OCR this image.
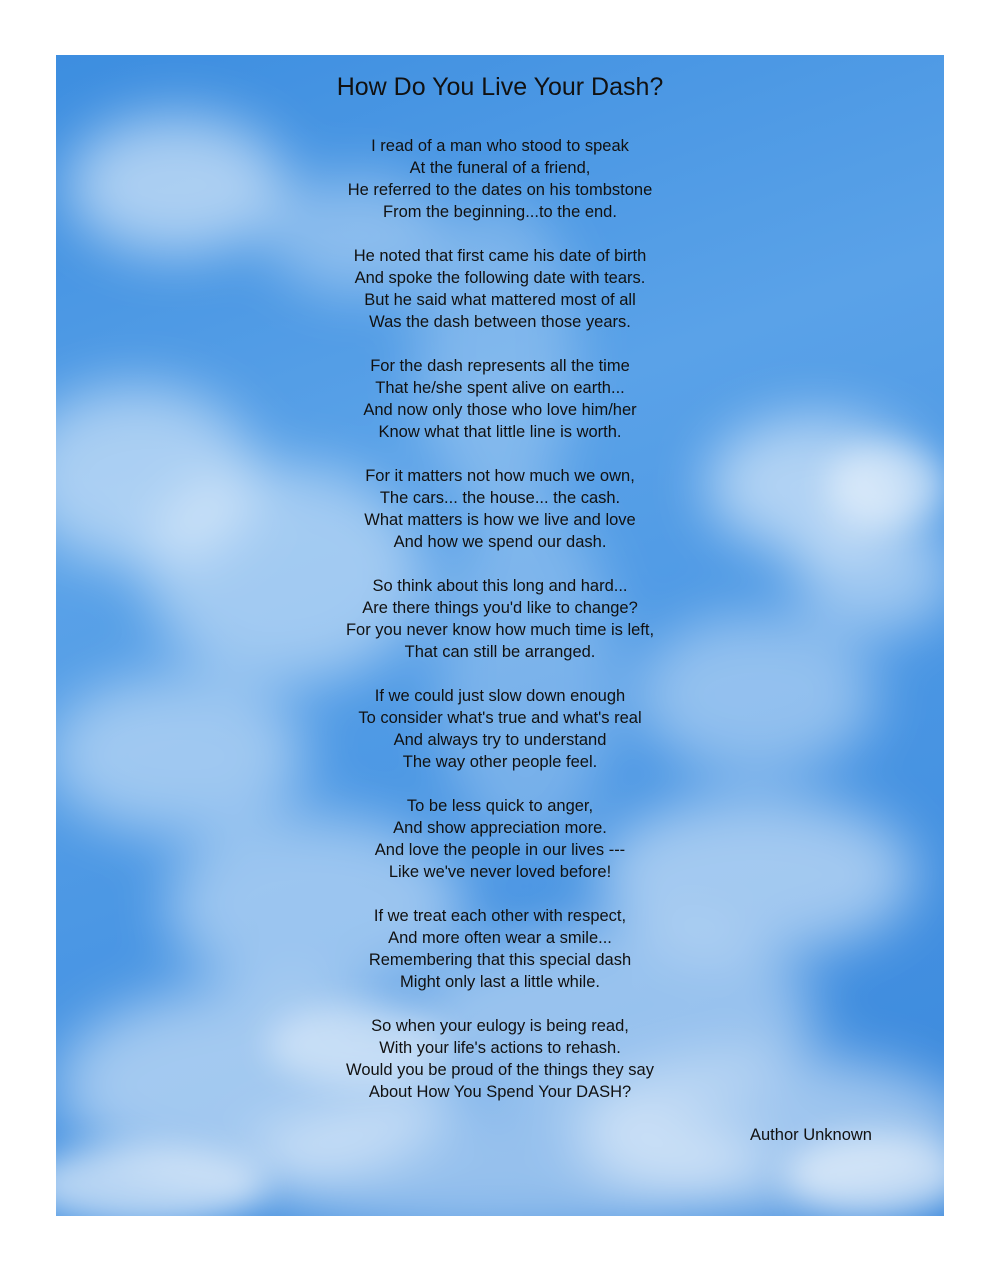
How Do You Live Your Dash?
I read of a man who stood to speak
At the funeral of a friend,
He referred to the dates on his tombstone
From the beginning...to the end.
He noted that first came his date of birth
And spoke the following date with tears.
But he said what mattered most of all
Was the dash between those years.
For the dash represents all the time
That he/she spent alive on earth...
And now only those who love him/her
Know what that little line is worth.
For it matters not how much we own,
The cars... the house... the cash.
What matters is how we live and love
And how we spend our dash.
So think about this long and hard...
Are there things you'd like to change?
For you never know how much time is left,
That can still be arranged.
If we could just slow down enough
To consider what's true and what's real
And always try to understand
The way other people feel.
To be less quick to anger,
And show appreciation more.
And love the people in our lives ---
Like we've never loved before!
If we treat each other with respect,
And more often wear a smile...
Remembering that this special dash
Might only last a little while.
So when your eulogy is being read,
With your life's actions to rehash.
Would you be proud of the things they say
About How You Spend Your DASH?
Author Unknown
